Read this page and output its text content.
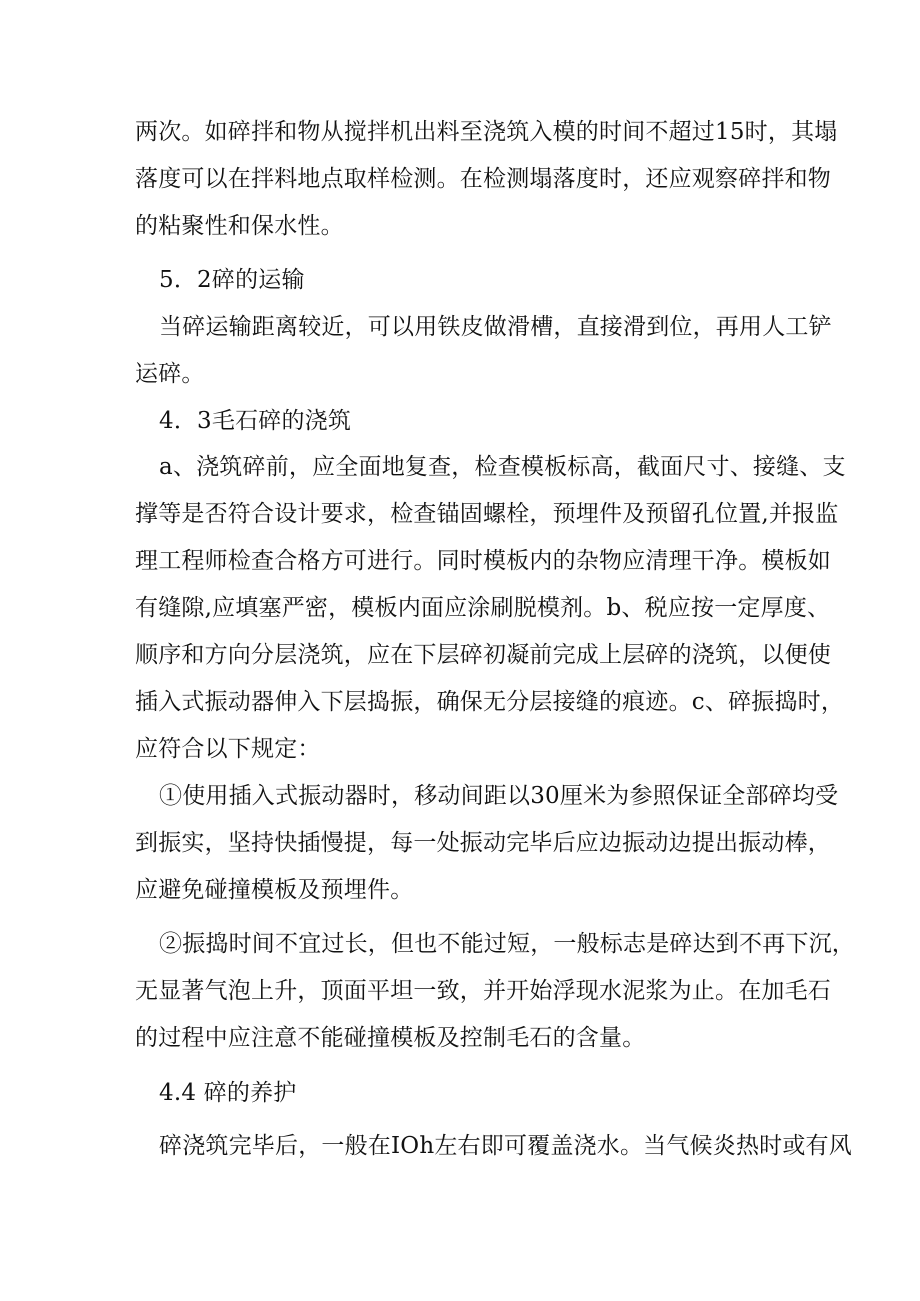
两次。如碎拌和物从搅拌机出料至浇筑入模的时间不超过15时，其塌
落度可以在拌料地点取样检测。在检测塌落度时，还应观察碎拌和物
的粘聚性和保水性。
5．2碎的运输
当碎运输距离较近，可以用铁皮做滑槽，直接滑到位，再用人工铲
运碎。
4．3毛石碎的浇筑
a、浇筑碎前，应全面地复查，检查模板标高，截面尺寸、接缝、支
撑等是否符合设计要求，检查锚固螺栓，预埋件及预留孔位置,并报监
理工程师检查合格方可进行。同时模板内的杂物应清理干净。模板如
有缝隙,应填塞严密，模板内面应涂刷脱模剂。b、税应按一定厚度、
顺序和方向分层浇筑，应在下层碎初凝前完成上层碎的浇筑，以便使
插入式振动器伸入下层捣振，确保无分层接缝的痕迹。c、碎振捣时，
应符合以下规定：
①使用插入式振动器时，移动间距以30厘米为参照保证全部碎均受
到振实，坚持快插慢提，每一处振动完毕后应边振动边提出振动棒，
应避免碰撞模板及预埋件。
②振捣时间不宜过长，但也不能过短，一般标志是碎达到不再下沉，
无显著气泡上升，顶面平坦一致，并开始浮现水泥浆为止。在加毛石
的过程中应注意不能碰撞模板及控制毛石的含量。
4.4 碎的养护
碎浇筑完毕后，一般在IOh左右即可覆盖浇水。当气候炎热时或有风
